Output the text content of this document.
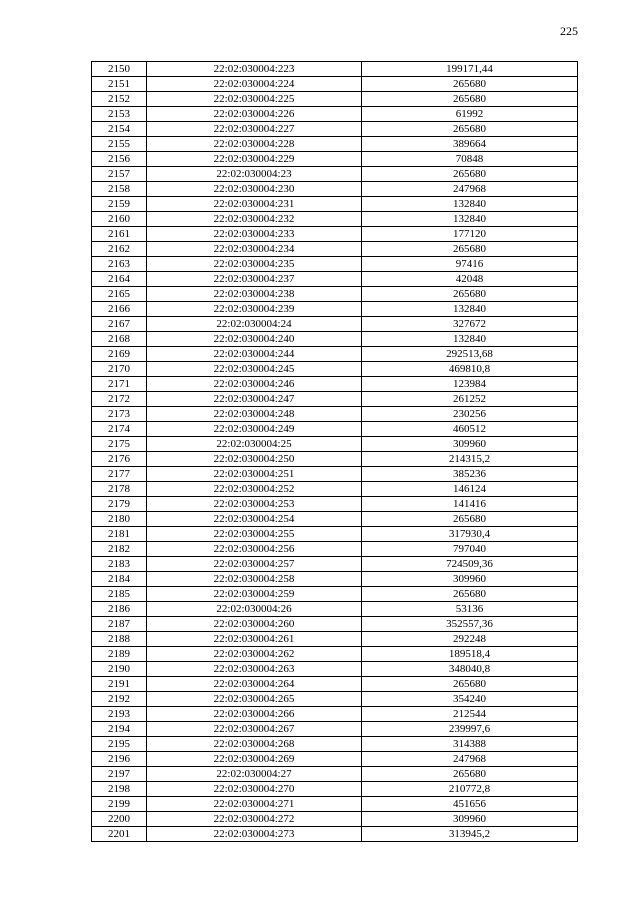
225
2150	22:02:030004:223	199171,44
2151	22:02:030004:224	265680
2152	22:02:030004:225	265680
2153	22:02:030004:226	61992
2154	22:02:030004:227	265680
2155	22:02:030004:228	389664
2156	22:02:030004:229	70848
2157	22:02:030004:23	265680
2158	22:02:030004:230	247968
2159	22:02:030004:231	132840
2160	22:02:030004:232	132840
2161	22:02:030004:233	177120
2162	22:02:030004:234	265680
2163	22:02:030004:235	97416
2164	22:02:030004:237	42048
2165	22:02:030004:238	265680
2166	22:02:030004:239	132840
2167	22:02:030004:24	327672
2168	22:02:030004:240	132840
2169	22:02:030004:244	292513,68
2170	22:02:030004:245	469810,8
2171	22:02:030004:246	123984
2172	22:02:030004:247	261252
2173	22:02:030004:248	230256
2174	22:02:030004:249	460512
2175	22:02:030004:25	309960
2176	22:02:030004:250	214315,2
2177	22:02:030004:251	385236
2178	22:02:030004:252	146124
2179	22:02:030004:253	141416
2180	22:02:030004:254	265680
2181	22:02:030004:255	317930,4
2182	22:02:030004:256	797040
2183	22:02:030004:257	724509,36
2184	22:02:030004:258	309960
2185	22:02:030004:259	265680
2186	22:02:030004:26	53136
2187	22:02:030004:260	352557,36
2188	22:02:030004:261	292248
2189	22:02:030004:262	189518,4
2190	22:02:030004:263	348040,8
2191	22:02:030004:264	265680
2192	22:02:030004:265	354240
2193	22:02:030004:266	212544
2194	22:02:030004:267	239997,6
2195	22:02:030004:268	314388
2196	22:02:030004:269	247968
2197	22:02:030004:27	265680
2198	22:02:030004:270	210772,8
2199	22:02:030004:271	451656
2200	22:02:030004:272	309960
2201	22:02:030004:273	313945,2
